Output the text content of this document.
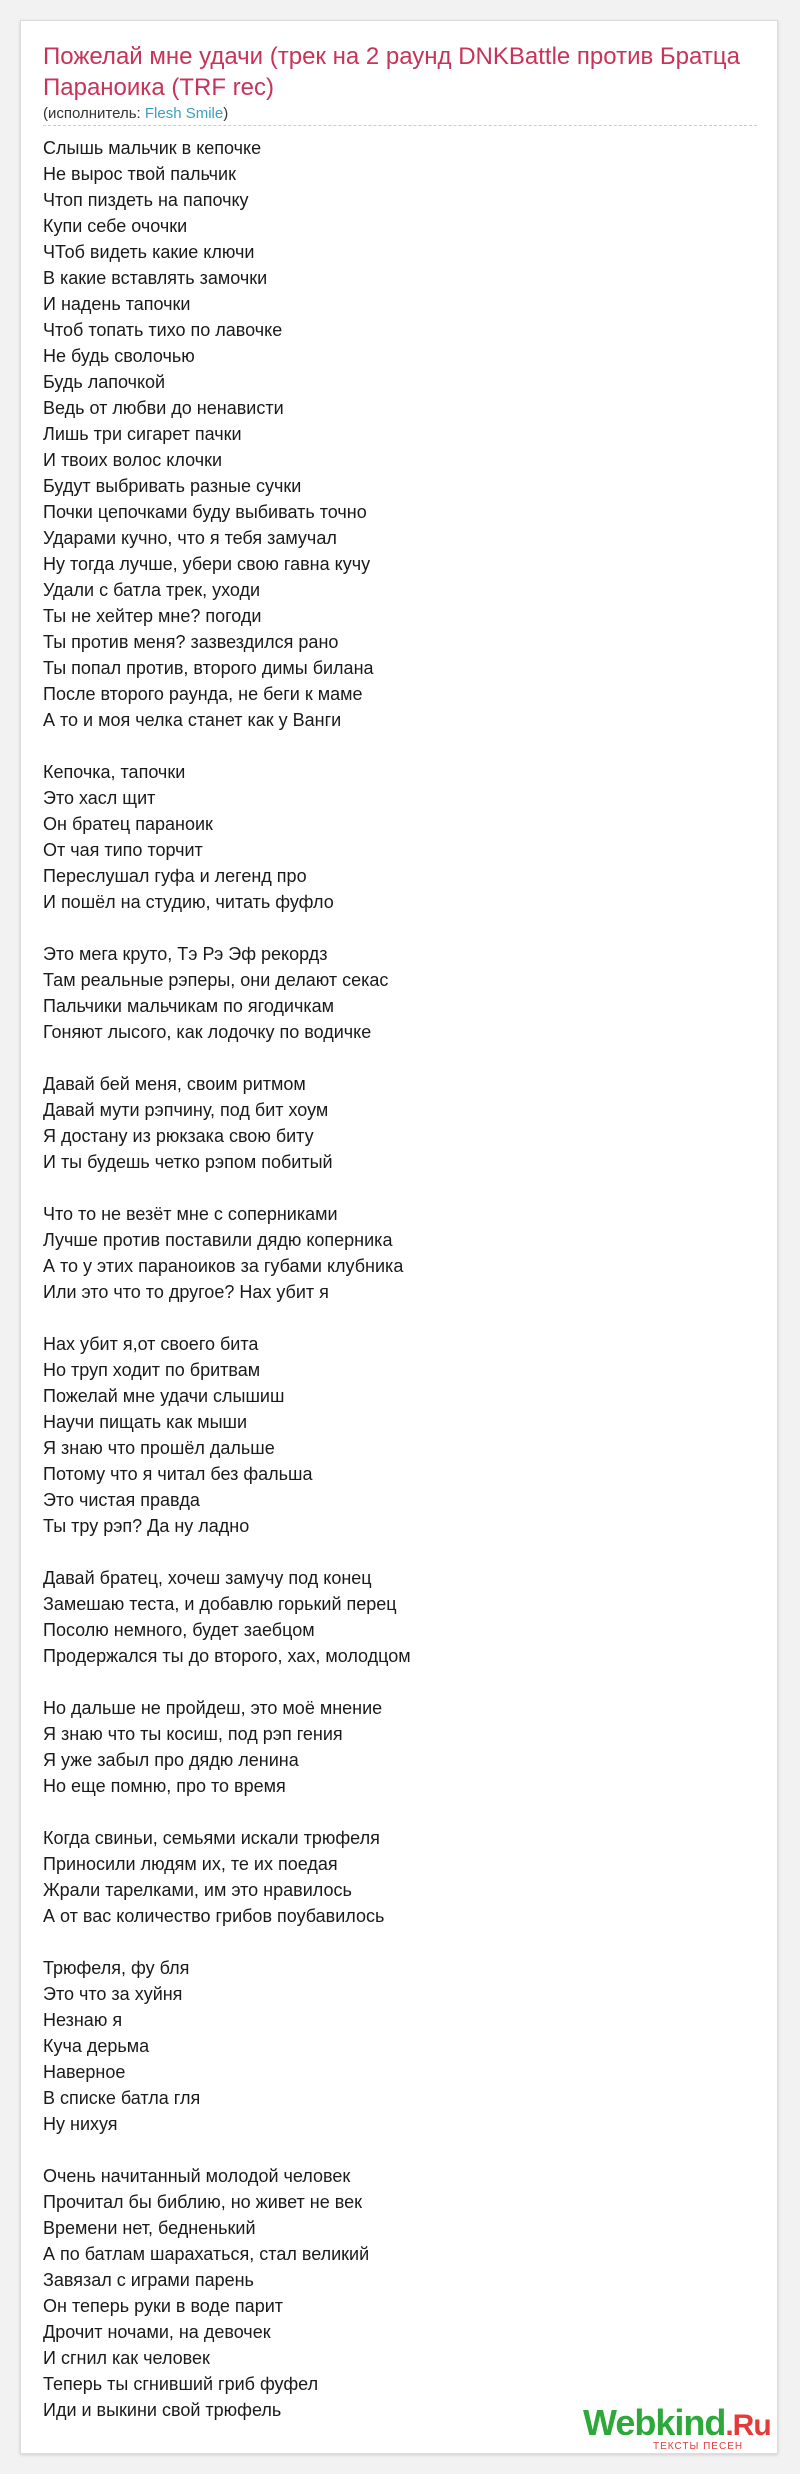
Пожелай мне удачи (трек на 2 раунд DNKBattle против Братца Параноика (TRF rec)
(исполнитель: Flesh Smile)
Слышь мальчик в кепочке
Не вырос твой пальчик
Чтоп пиздеть на папочку
Купи себе очочки
ЧТоб видеть какие ключи
В какие вставлять замочки
И надень тапочки
Чтоб топать тихо по лавочке
Не будь сволочью
Будь лапочкой
Ведь от любви до ненависти
Лишь три сигарет пачки
И твоих волос клочки
Будут выбривать разные сучки
Почки цепочками буду выбивать точно
Ударами кучно, что я тебя замучал
Ну тогда лучше, убери свою гавна кучу
Удали с батла трек, уходи
Ты не хейтер мне? погоди
Ты против меня? зазвездился рано
Ты попал против, второго димы билана
После второго раунда, не беги к маме
А то и моя челка станет как у Ванги
Кепочка, тапочки
Это хасл щит
Он братец параноик
От чая типо торчит
Переслушал гуфа и легенд про
И пошёл на студию, читать фуфло
Это мега круто, Тэ Рэ Эф рекордз
Там реальные рэперы, они делают секас
Пальчики мальчикам по ягодичкам
Гоняют лысого, как лодочку по водичке
Давай бей меня, своим ритмом
Давай мути рэпчину, под бит хоум
Я достану из рюкзака свою биту
И ты будешь четко рэпом побитый
Что то не везёт мне с соперниками
Лучше против поставили дядю коперника
А то у этих параноиков за губами клубника
Или это что то другое? Нах убит я
Нах убит я,от своего бита
Но труп ходит по бритвам
Пожелай мне удачи слышиш
Научи пищать как мыши
Я знаю что прошёл дальше
Потому что я читал без фальша
Это чистая правда
Ты тру рэп? Да ну ладно
Давай братец, хочеш замучу под конец
Замешаю теста, и добавлю горький перец
Посолю немного, будет заебцом
Продержался ты до второго, хах, молодцом
Но дальше не пройдеш, это моё мнение
Я знаю что ты косиш, под рэп гения
Я уже забыл про дядю ленина
Но еще помню, про то время
Когда свиньи, семьями искали трюфеля
Приносили людям их, те их поедая
Жрали тарелками, им это нравилось
А от вас количество грибов поубавилось
Трюфеля, фу бля
Это что за хуйня
Незнаю я
Куча дерьма
Наверное
В списке батла гля
Ну нихуя
Очень начитанный молодой человек
Прочитал бы библию, но живет не век
Времени нет, бедненький
А по батлам шарахаться, стал великий
Завязал с играми парень
Он теперь руки в воде парит
Дрочит ночами, на девочек
И сгнил как человек
Теперь ты сгнивший гриб фуфел
Иди и выкини свой трюфель	Webkind.Ru
ТЕКСТЫ ПЕСЕН
